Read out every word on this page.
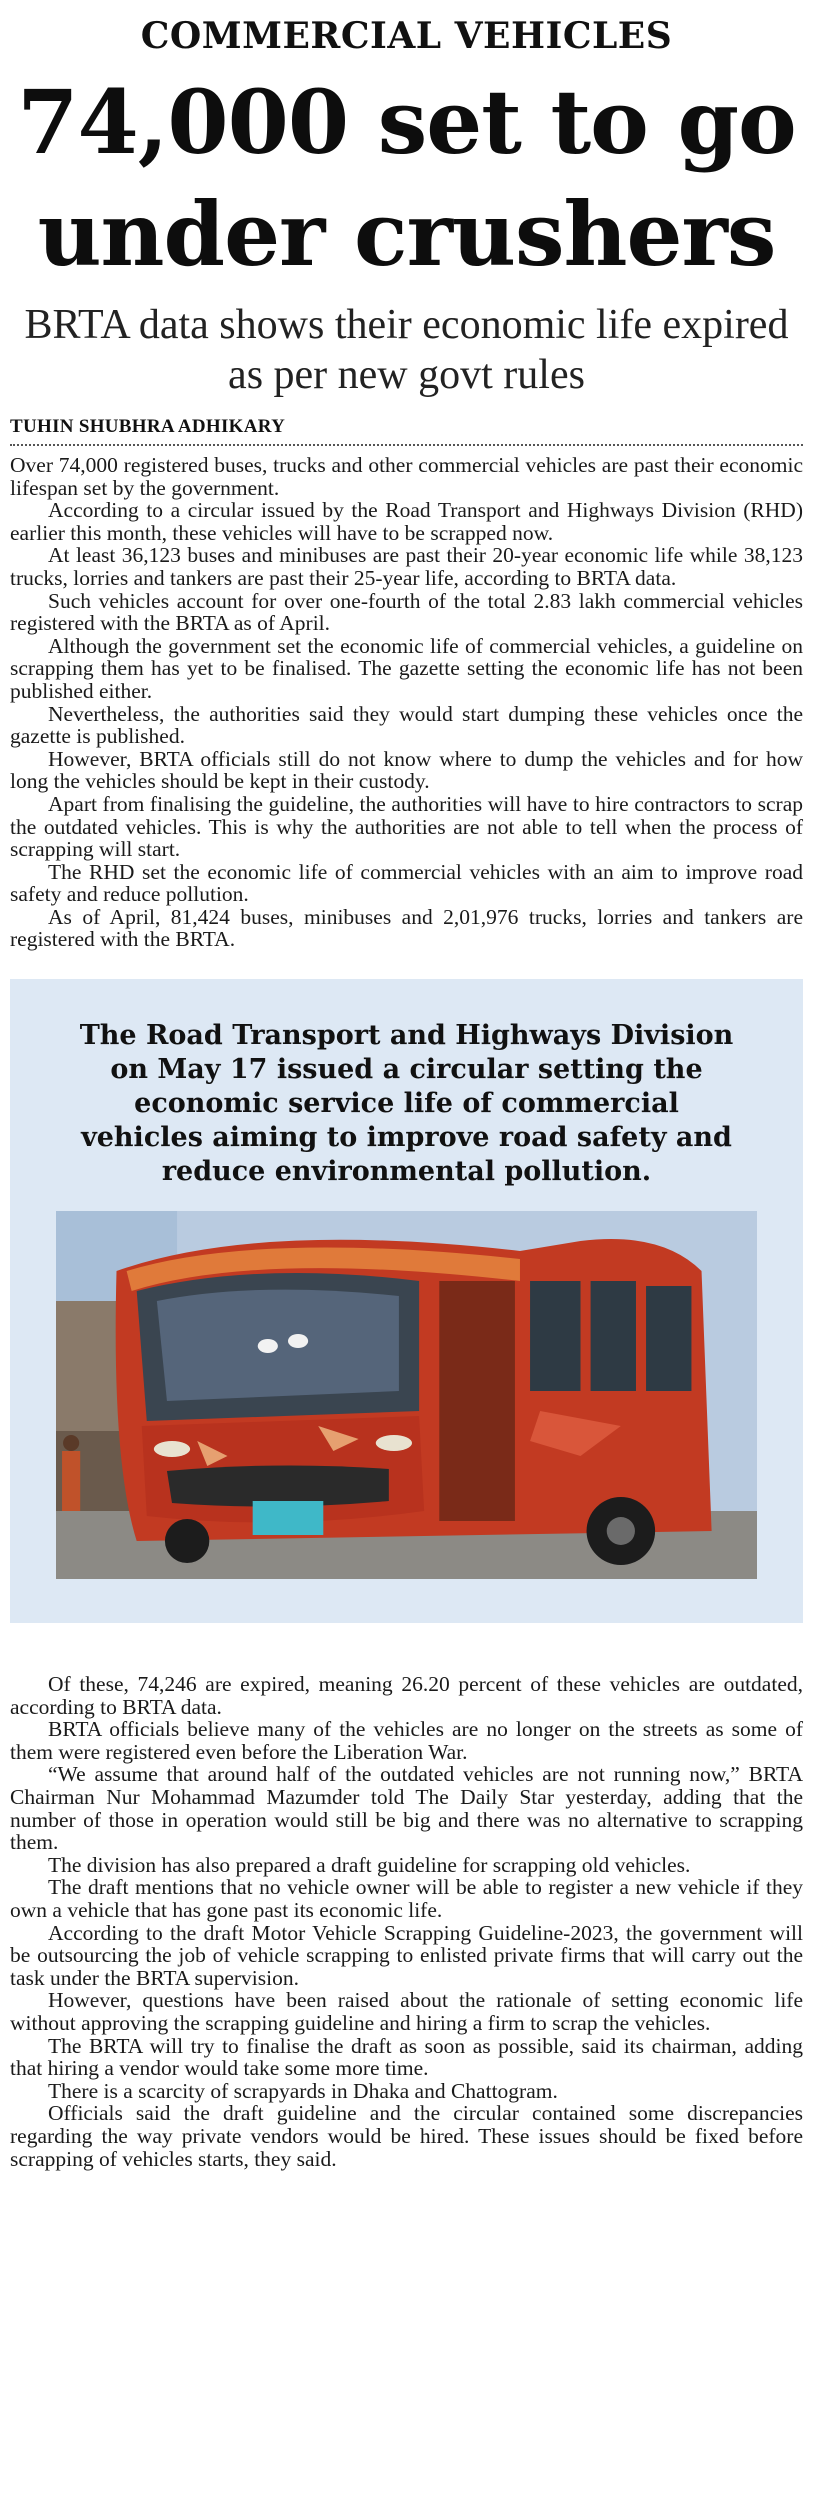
COMMERCIAL VEHICLES
74,000 set to go under crushers
BRTA data shows their economic life expired as per new govt rules
TUHIN SHUBHRA ADHIKARY

Over 74,000 registered buses, trucks and other commercial vehicles are past their economic lifespan set by the government.

According to a circular issued by the Road Transport and Highways Division (RHD) earlier this month, these vehicles will have to be scrapped now.

At least 36,123 buses and minibuses are past their 20-year economic life while 38,123 trucks, lorries and tankers are past their 25-year life, according to BRTA data.

Such vehicles account for over one-fourth of the total 2.83 lakh commercial vehicles registered with the BRTA as of April.

Although the government set the economic life of commercial vehicles, a guideline on scrapping them has yet to be finalised. The gazette setting the economic life has not been published either.

Nevertheless, the authorities said they would start dumping these vehicles once the gazette is published.

However, BRTA officials still do not know where to dump the vehicles and for how long the vehicles should be kept in their custody.

Apart from finalising the guideline, the authorities will have to hire contractors to scrap the outdated vehicles. This is why the authorities are not able to tell when the process of scrapping will start.

The RHD set the economic life of commercial vehicles with an aim to improve road safety and reduce pollution.

As of April, 81,424 buses, minibuses and 2,01,976 trucks, lorries and tankers are registered with the BRTA.

The Road Transport and Highways Division on May 17 issued a circular setting the economic service life of commercial vehicles aiming to improve road safety and reduce environmental pollution.

Of these, 74,246 are expired, meaning 26.20 percent of these vehicles are outdated, according to BRTA data.

BRTA officials believe many of the vehicles are no longer on the streets as some of them were registered even before the Liberation War.

“We assume that around half of the outdated vehicles are not running now,” BRTA Chairman Nur Mohammad Mazumder told The Daily Star yesterday, adding that the number of those in operation would still be big and there was no alternative to scrapping them.

The division has also prepared a draft guideline for scrapping old vehicles.

The draft mentions that no vehicle owner will be able to register a new vehicle if they own a vehicle that has gone past its economic life.

According to the draft Motor Vehicle Scrapping Guideline-2023, the government will be outsourcing the job of vehicle scrapping to enlisted private firms that will carry out the task under the BRTA supervision.

However, questions have been raised about the rationale of setting economic life without approving the scrapping guideline and hiring a firm to scrap the vehicles.

The BRTA will try to finalise the draft as soon as possible, said its chairman, adding that hiring a vendor would take some more time.

There is a scarcity of scrapyards in Dhaka and Chattogram.

Officials said the draft guideline and the circular contained some discrepancies regarding the way private vendors would be hired. These issues should be fixed before scrapping of vehicles starts, they said.
